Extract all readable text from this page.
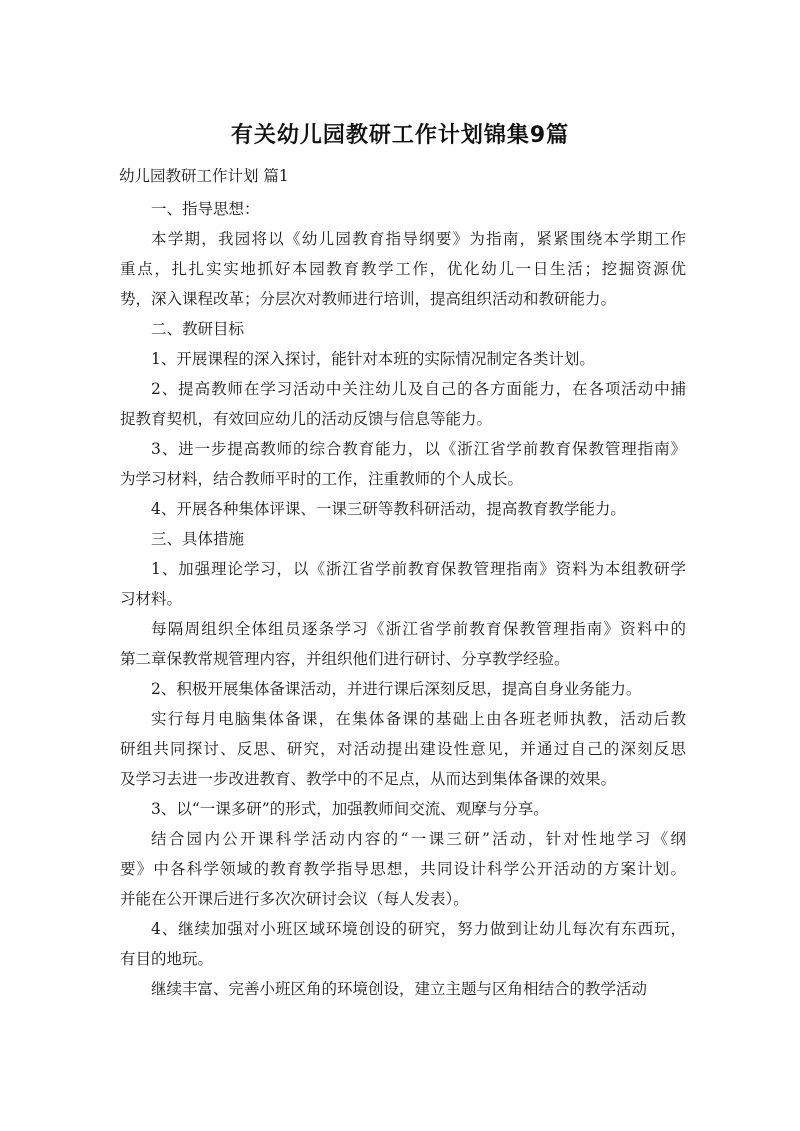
有关幼儿园教研工作计划锦集9篇
幼儿园教研工作计划 篇1
一、指导思想：
本学期，我园将以《幼儿园教育指导纲要》为指南，紧紧围绕本学期工作
重点，扎扎实实地抓好本园教育教学工作，优化幼儿一日生活；挖掘资源优
势，深入课程改革；分层次对教师进行培训，提高组织活动和教研能力。
二、教研目标
1、开展课程的深入探讨，能针对本班的实际情况制定各类计划。
2、提高教师在学习活动中关注幼儿及自己的各方面能力，在各项活动中捕
捉教育契机，有效回应幼儿的活动反馈与信息等能力。
3、进一步提高教师的综合教育能力，以《浙江省学前教育保教管理指南》
为学习材料，结合教师平时的工作，注重教师的个人成长。
4、开展各种集体评课、一课三研等教科研活动，提高教育教学能力。
三、具体措施
1、加强理论学习，以《浙江省学前教育保教管理指南》资料为本组教研学
习材料。
每隔周组织全体组员逐条学习《浙江省学前教育保教管理指南》资料中的
第二章保教常规管理内容，并组织他们进行研讨、分享教学经验。
2、积极开展集体备课活动，并进行课后深刻反思，提高自身业务能力。
实行每月电脑集体备课，在集体备课的基础上由各班老师执教，活动后教
研组共同探讨、反思、研究，对活动提出建设性意见，并通过自己的深刻反思
及学习去进一步改进教育、教学中的不足点，从而达到集体备课的效果。
3、以“一课多研”的形式，加强教师间交流、观摩与分享。
结合园内公开课科学活动内容的“一课三研”活动，针对性地学习《纲
要》中各科学领域的教育教学指导思想，共同设计科学公开活动的方案计划。
并能在公开课后进行多次次研讨会议（每人发表）。
4、继续加强对小班区域环境创设的研究，努力做到让幼儿每次有东西玩，
有目的地玩。
继续丰富、完善小班区角的环境创设，建立主题与区角相结合的教学活动
